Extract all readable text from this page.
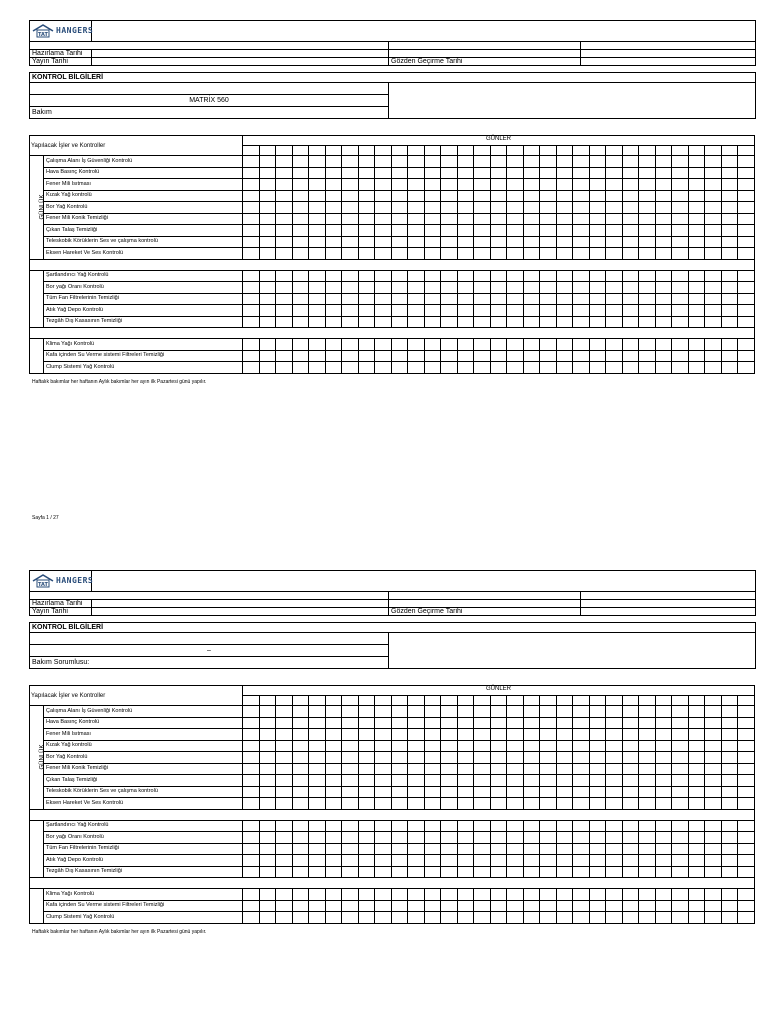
TAT HANGERS			

Hazırlama Tarihi			
Yayın Tarihi		Gözden Geçirme Tarihi	
KONTROL BİLGİLERİ

MATRİX 560
Bakım
Yapılacak İşler ve Kontroller		GÜNLER																														

GÜNLÜK	Çalışma Alanı İş Güvenliği Kontrolü																															
	Hava Basınç Kontrolü																															
	Fener Mili Isıtması																															
	Kızak Yağ kontrolü																															
	Bor Yağ Kontrolü																															
	Fener Mili Konik Temizliği																															
	Çıkan Talaş Temizliği																															
	Teleskobik Körüklerin Ses ve çalışma kontrolü																															
	Eksen Hareket Ve Ses Kontrolü																															

	Şartlandırıcı Yağ Kontrolü																															
	Bor yağı Oranı Kontrolü																															
	Tüm Fan Filtrelerinin Temizliği																															
	Atık Yağ Depo Kontrolü																															
	Tezgâh Dış Kasasının Temizliği																															

	Klima Yağı Kontrolü																															
	Kafa içinden Su Verme sistemi Filtreleri Temizliği																															
	Clump Sistemi Yağ Kontrolü																															
Haftalık bakımlar her haftanın Aylık bakımlar her ayın ilk Pazartesi günü yapılır.
Sayfa 1 / 27
TAT HANGERS			

Hazırlama Tarihi			
Yayın Tarihi		Gözden Geçirme Tarihi	
KONTROL BİLGİLERİ

–
Bakım Sorumlusu:
Yapılacak İşler ve Kontroller		GÜNLER																														

GÜNLÜK	Çalışma Alanı İş Güvenliği Kontrolü																															
	Hava Basınç Kontrolü																															
	Fener Mili Isıtması																															
	Kızak Yağ kontrolü																															
	Bor Yağ Kontrolü																															
	Fener Mili Konik Temizliği																															
	Çıkan Talaş Temizliği																															
	Teleskobik Körüklerin Ses ve çalışma kontrolü																															
	Eksen Hareket Ve Ses Kontrolü																															

	Şartlandırıcı Yağ Kontrolü																															
	Bor yağı Oranı Kontrolü																															
	Tüm Fan Filtrelerinin Temizliği																															
	Atık Yağ Depo Kontrolü																															
	Tezgâh Dış Kasasının Temizliği																															

	Klima Yağı Kontrolü																															
	Kafa içinden Su Verme sistemi Filtreleri Temizliği																															
	Clump Sistemi Yağ Kontrolü																															
Haftalık bakımlar her haftanın Aylık bakımlar her ayın ilk Pazartesi günü yapılır.
